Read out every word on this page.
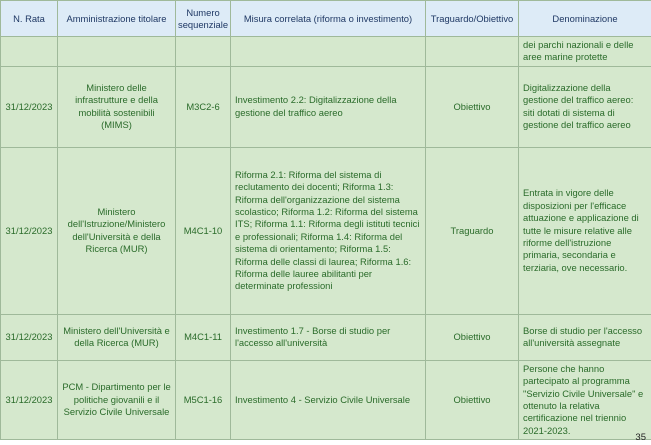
N. Rata	Amministrazione titolare	Numero sequenziale	Misura correlata (riforma o investimento)	Traguardo/Obiettivo	Denominazione
					dei parchi nazionali e delle aree marine protette
31/12/2023	Ministero delle infrastrutture e della mobilità sostenibili (MIMS)	M3C2-6	Investimento 2.2: Digitalizzazione della gestione del traffico aereo	Obiettivo	Digitalizzazione della gestione del traffico aereo: siti dotati di sistema di gestione del traffico aereo
31/12/2023	Ministero dell'Istruzione/Ministero dell'Università e della Ricerca (MUR)	M4C1-10	Riforma 2.1: Riforma del sistema di reclutamento dei docenti; Riforma 1.3: Riforma dell'organizzazione del sistema scolastico; Riforma 1.2: Riforma del sistema ITS; Riforma 1.1: Riforma degli istituti tecnici e professionali; Riforma 1.4: Riforma del sistema di orientamento; Riforma 1.5: Riforma delle classi di laurea; Riforma 1.6: Riforma delle lauree abilitanti per determinate professioni	Traguardo	Entrata in vigore delle disposizioni per l'efficace attuazione e applicazione di tutte le misure relative alle riforme dell'istruzione primaria, secondaria e terziaria, ove necessario.
31/12/2023	Ministero dell'Università e della Ricerca (MUR)	M4C1-11	Investimento 1.7 - Borse di studio per l'accesso all'università	Obiettivo	Borse di studio per l'accesso all'università assegnate
31/12/2023	PCM - Dipartimento per le politiche giovanili e il Servizio Civile Universale	M5C1-16	Investimento 4 - Servizio Civile Universale	Obiettivo	Persone che hanno partecipato al programma "Servizio Civile Universale" e ottenuto la relativa certificazione nel triennio 2021-2023.
35
